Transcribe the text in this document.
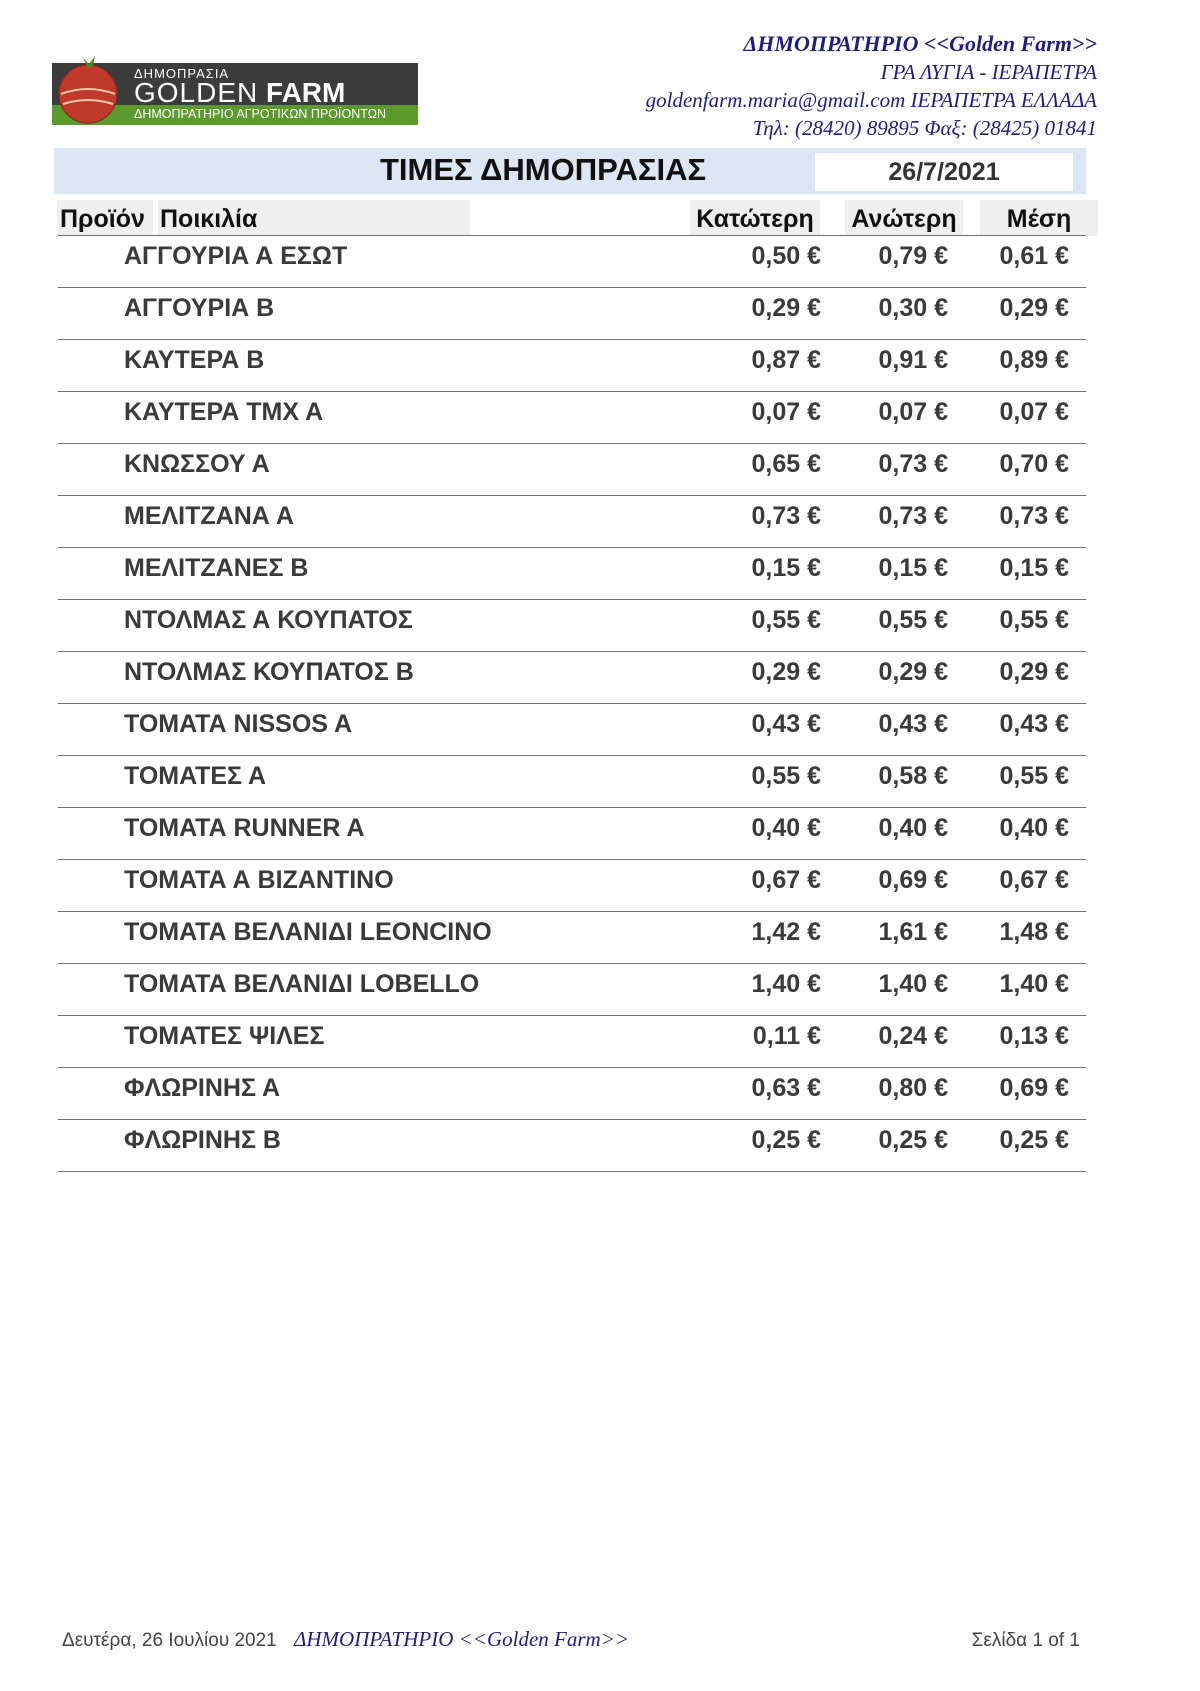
ΔΗΜΟΠΡΑΣΙΑ
GOLDEN FARM
ΔΗΜΟΠΡΑΤΗΡΙΟ ΑΓΡΟΤΙΚΩΝ ΠΡΟΪΟΝΤΩΝ
ΔΗΜΟΠΡΑΤΗΡΙΟ <<Golden Farm>>
ΓΡΑ ΛΥΓΙΑ - ΙΕΡΑΠΕΤΡΑ
goldenfarm.maria@gmail.com ΙΕΡΑΠΕΤΡΑ ΕΛΛΑΔΑ
Τηλ: (28420) 89895 Φαξ: (28425) 01841
ΤΙΜΕΣ ΔΗΜΟΠΡΑΣΙΑΣ	26/7/2021
Προϊόν Ποικιλία	Κατώτερη Ανώτερη	Μέση
ΑΓΓΟΥΡΙΑ Α ΕΣΩΤ	0,50 € 0,79 € 0,61 €
ΑΓΓΟΥΡΙΑ Β	0,29 € 0,30 € 0,29 €
ΚΑΥΤΕΡΑ Β	0,87 € 0,91 € 0,89 €
ΚΑΥΤΕΡΑ ΤΜΧ Α	0,07 € 0,07 € 0,07 €
ΚΝΩΣΣΟΥ Α	0,65 € 0,73 € 0,70 €
ΜΕΛΙΤΖΑΝΑ Α	0,73 € 0,73 € 0,73 €
ΜΕΛΙΤΖΑΝΕΣ Β	0,15 € 0,15 € 0,15 €
ΝΤΟΛΜΑΣ Α ΚΟΥΠΑΤΟΣ	0,55 € 0,55 € 0,55 €
ΝΤΟΛΜΑΣ ΚΟΥΠΑΤΟΣ Β	0,29 € 0,29 € 0,29 €
ΤΟΜΑΤΑ NISSOS A	0,43 € 0,43 € 0,43 €
ΤΟΜΑΤΕΣ Α	0,55 € 0,58 € 0,55 €
ΤΟΜΑΤΑ RUNNER A	0,40 € 0,40 € 0,40 €
ΤΟΜΑΤΑ Α ΒΙΖΑΝΤΙΝΟ	0,67 € 0,69 € 0,67 €
ΤΟΜΑΤΑ ΒΕΛΑΝΙΔΙ LEONCINO	1,42 € 1,61 € 1,48 €
ΤΟΜΑΤΑ ΒΕΛΑΝΙΔΙ LOBELLO	1,40 € 1,40 € 1,40 €
ΤΟΜΑΤΕΣ ΨΙΛΕΣ	0,11 € 0,24 € 0,13 €
ΦΛΩΡΙΝΗΣ Α	0,63 € 0,80 € 0,69 €
ΦΛΩΡΙΝΗΣ Β	0,25 € 0,25 € 0,25 €
Δευτέρα, 26 Ιουλίου 2021 ΔΗΜΟΠΡΑΤΗΡΙΟ <<Golden Farm>>	Σελίδα 1 of 1
